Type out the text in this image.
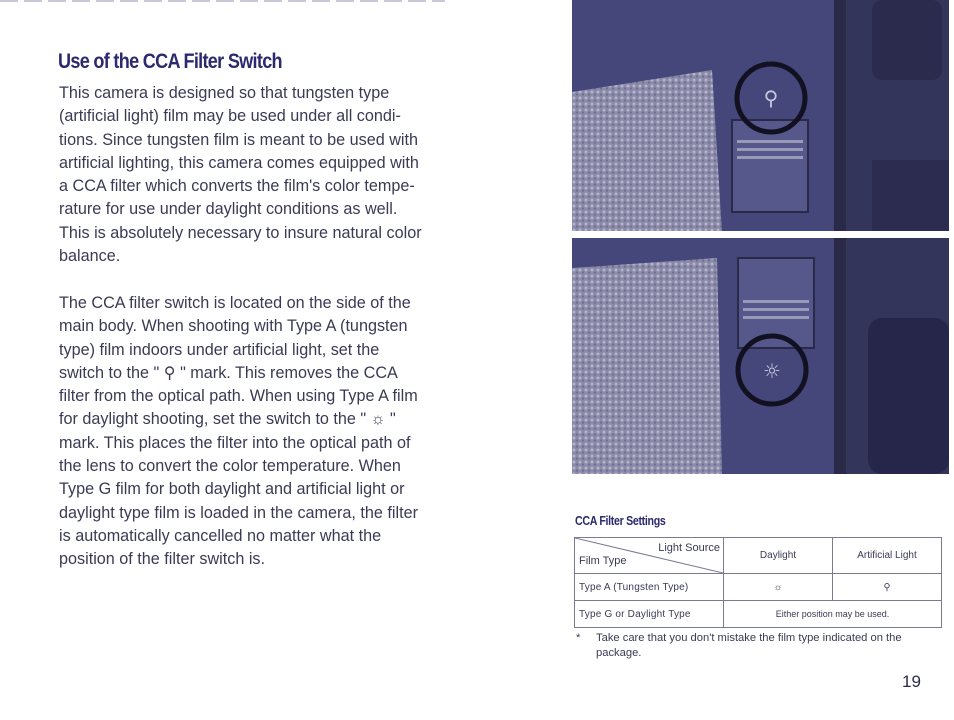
Use of the CCA Filter Switch
This camera is designed so that tungsten type
(artificial light) film may be used under all condi-
tions. Since tungsten film is meant to be used with
artificial lighting, this camera comes equipped with
a CCA filter which converts the film's color tempe-
rature for use under daylight conditions as well.
This is absolutely necessary to insure natural color
balance.
The CCA filter switch is located on the side of the
main body. When shooting with Type A (tungsten
type) film indoors under artificial light, set the
switch to the " ⚲ " mark. This removes the CCA
filter from the optical path. When using Type A film
for daylight shooting, set the switch to the " ☼ "
mark. This places the filter into the optical path of
the lens to convert the color temperature. When
Type G film for both daylight and artificial light or
daylight type film is loaded in the camera, the filter
is automatically cancelled no matter what the
position of the filter switch is.
⚲
☼
CCA Filter Settings
Light Source
Film Type	Daylight	Artificial Light
Type A (Tungsten Type)	☼	⚲
Type G or Daylight Type	Either position may be used.	
* Take care that you don't mistake the film type indicated on the package.
19
